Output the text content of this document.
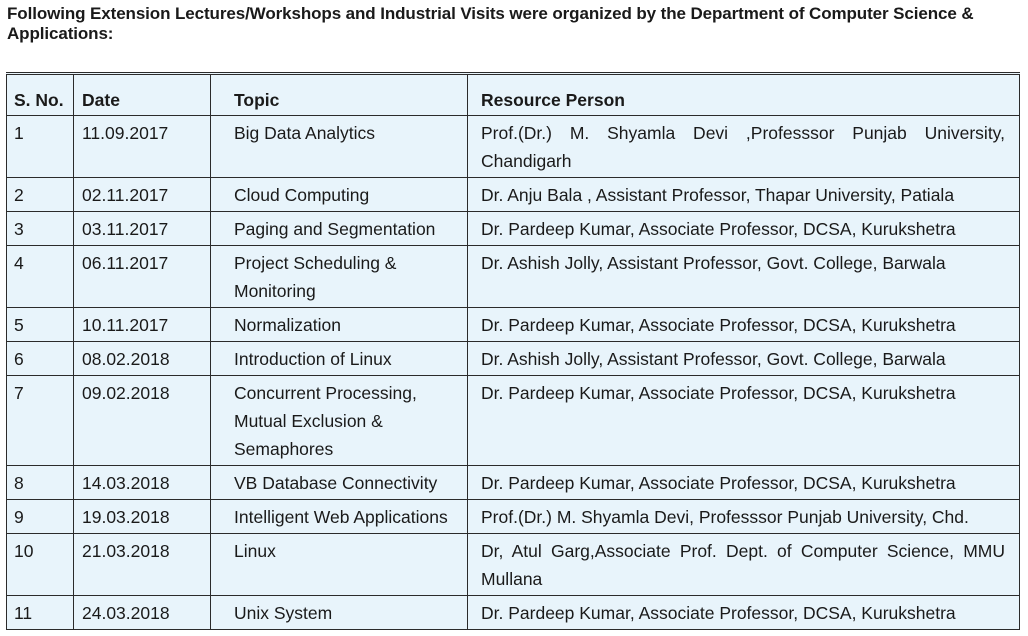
Following Extension Lectures/Workshops and Industrial Visits were organized by the Department of Computer Science & Applications:
S. No.	Date	Topic	Resource Person
1	11.09.2017	Big Data Analytics	Prof.(Dr.) M. Shyamla Devi ,Professsor Punjab University, Chandigarh
2	02.11.2017	Cloud Computing	Dr. Anju Bala , Assistant Professor, Thapar University, Patiala
3	03.11.2017	Paging and Segmentation	Dr. Pardeep Kumar, Associate Professor, DCSA, Kurukshetra
4	06.11.2017	Project Scheduling & Monitoring	Dr. Ashish Jolly, Assistant Professor, Govt. College, Barwala
5	10.11.2017	Normalization	Dr. Pardeep Kumar, Associate Professor, DCSA, Kurukshetra
6	08.02.2018	Introduction of Linux	Dr. Ashish Jolly, Assistant Professor, Govt. College, Barwala
7	09.02.2018	Concurrent Processing, Mutual Exclusion & Semaphores	Dr. Pardeep Kumar, Associate Professor, DCSA, Kurukshetra
8	14.03.2018	VB Database Connectivity	Dr. Pardeep Kumar, Associate Professor, DCSA, Kurukshetra
9	19.03.2018	Intelligent Web Applications	Prof.(Dr.) M. Shyamla Devi, Professsor Punjab University, Chd.
10	21.03.2018	Linux	Dr, Atul Garg,Associate Prof. Dept. of Computer Science, MMU Mullana
11	24.03.2018	Unix System	Dr. Pardeep Kumar, Associate Professor, DCSA, Kurukshetra
